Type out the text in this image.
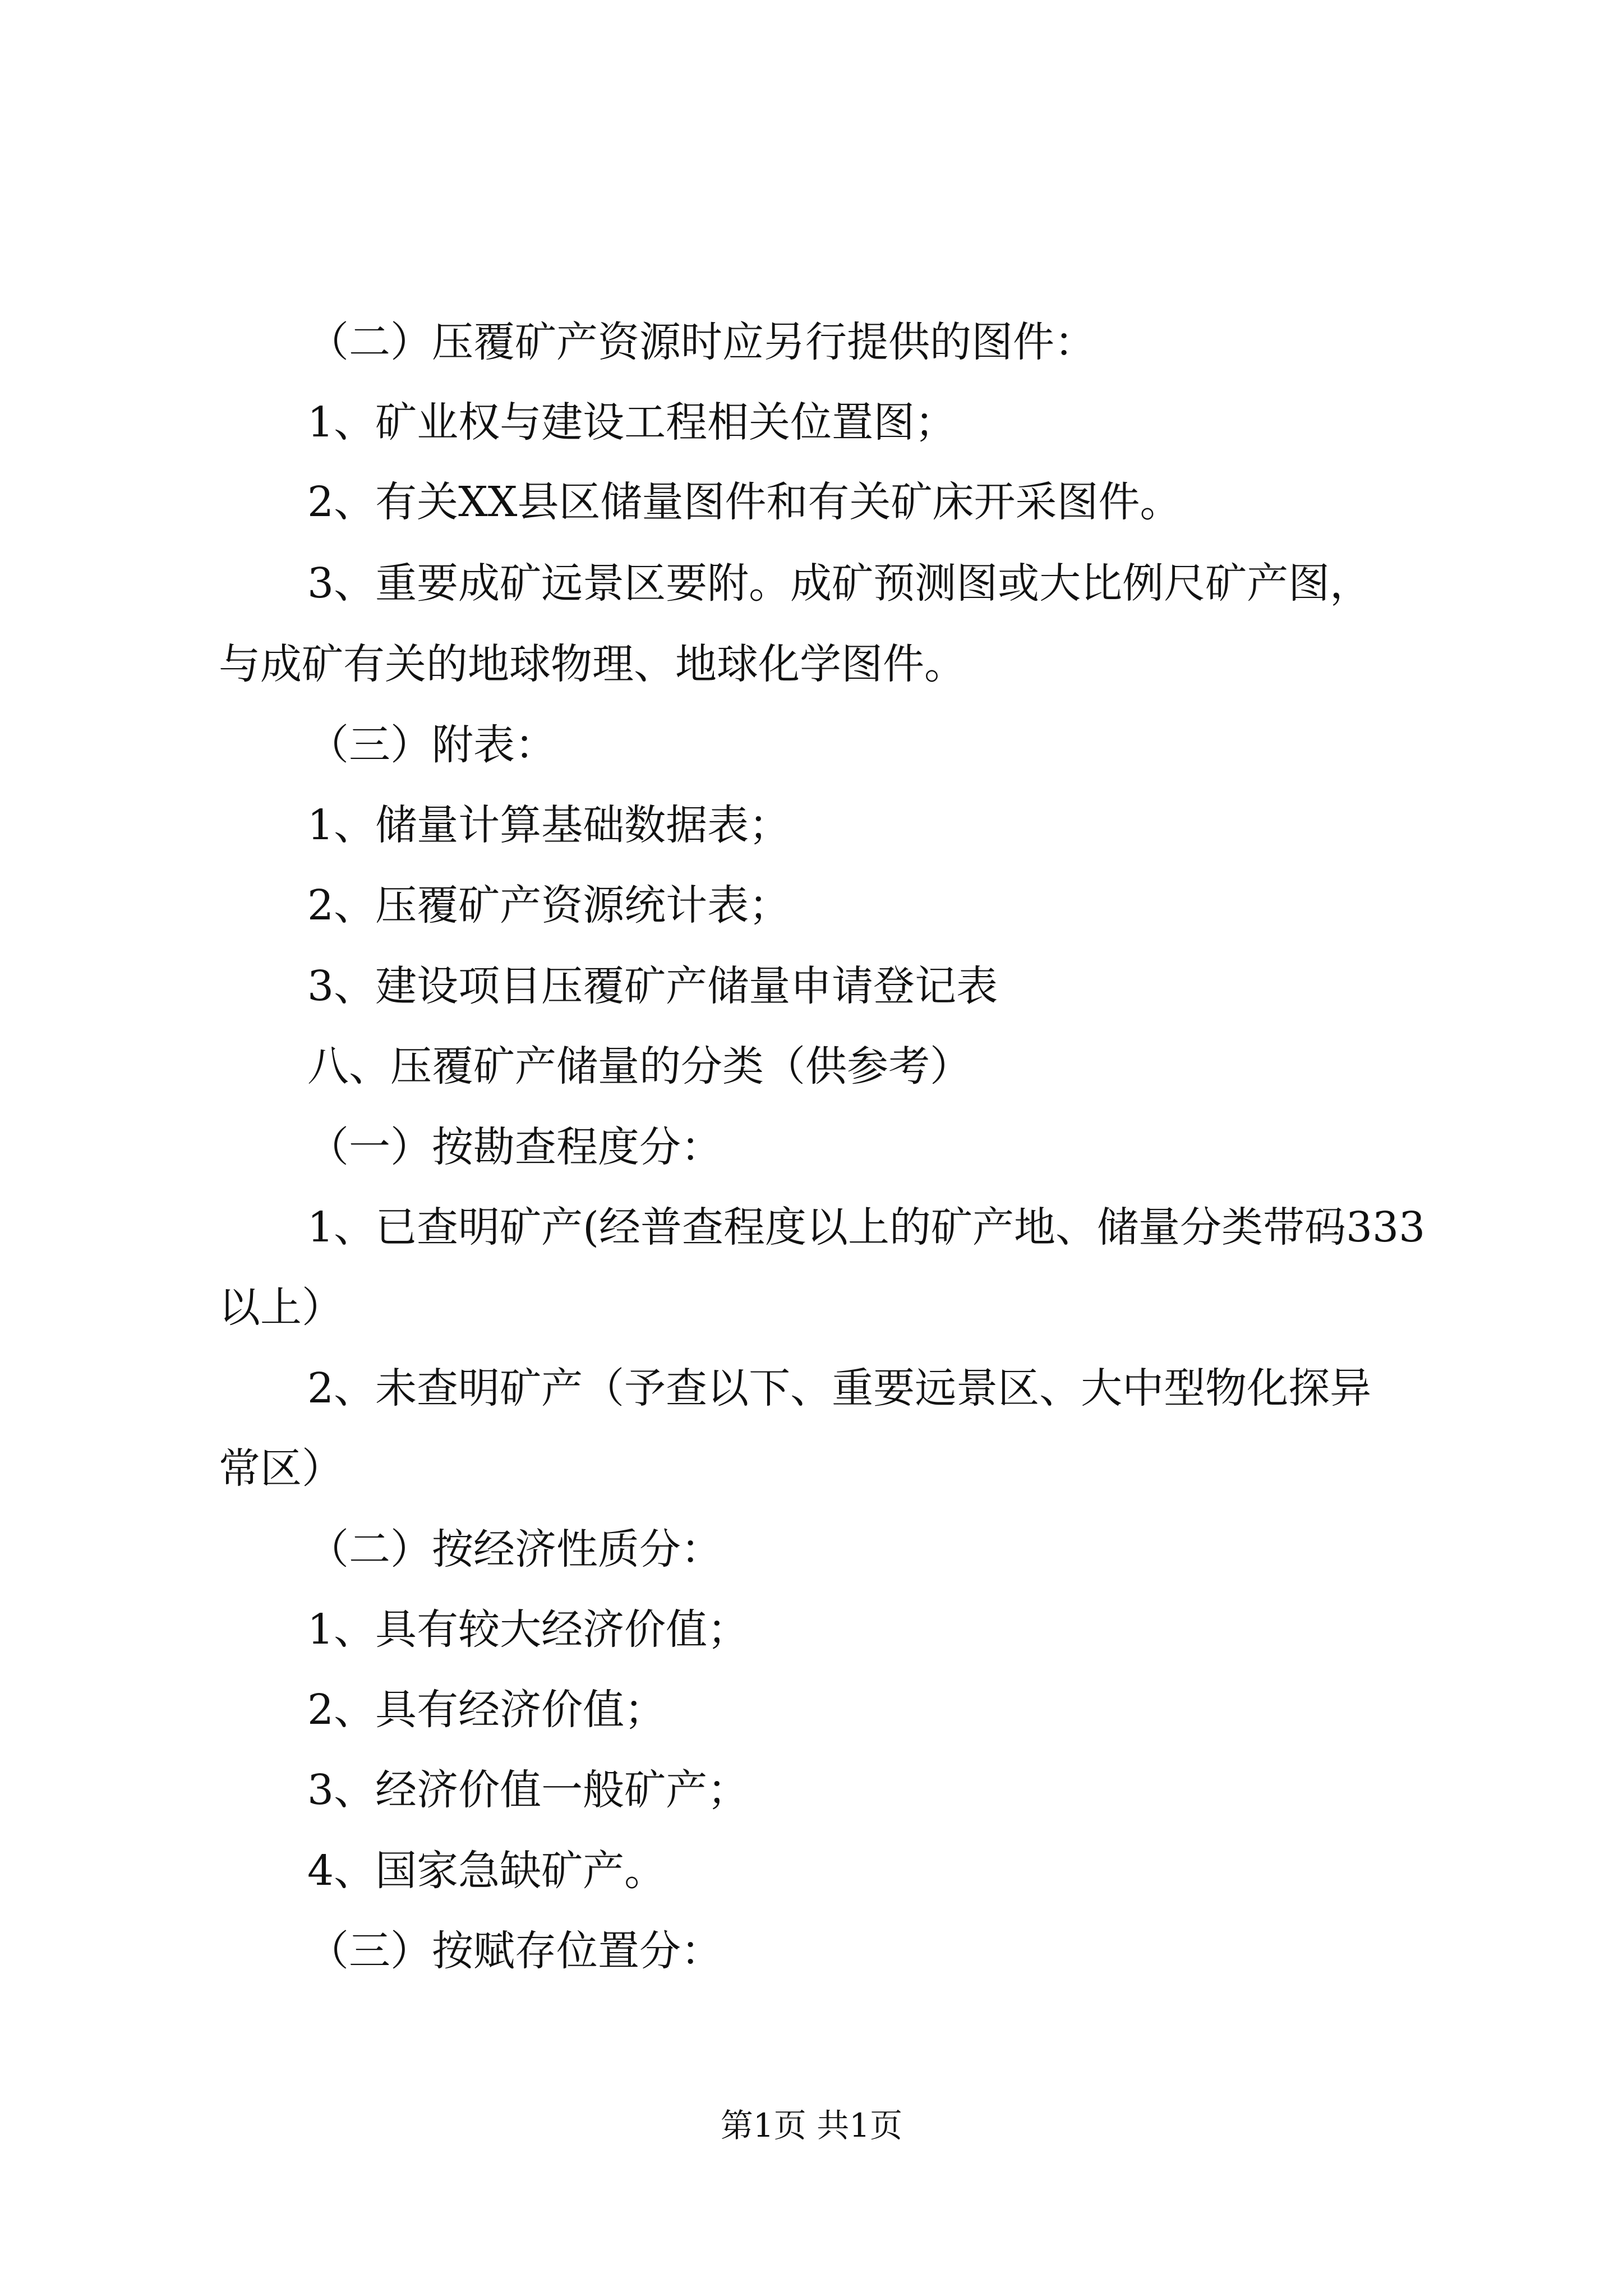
（二）压覆矿产资源时应另行提供的图件：
1、矿业权与建设工程相关位置图；
2、有关XX县区储量图件和有关矿床开采图件。
3、重要成矿远景区要附。成矿预测图或大比例尺矿产图，
与成矿有关的地球物理、地球化学图件。
（三）附表：
1、储量计算基础数据表；
2、压覆矿产资源统计表；
3、建设项目压覆矿产储量申请登记表
八、压覆矿产储量的分类（供参考）
（一）按勘查程度分：
1、已查明矿产(经普查程度以上的矿产地、储量分类带码333
以上）
2、未查明矿产（予查以下、重要远景区、大中型物化探异
常区）
（二）按经济性质分：
1、具有较大经济价值；
2、具有经济价值；
3、经济价值一般矿产；
4、国家急缺矿产。
（三）按赋存位置分：
第1页 共1页
